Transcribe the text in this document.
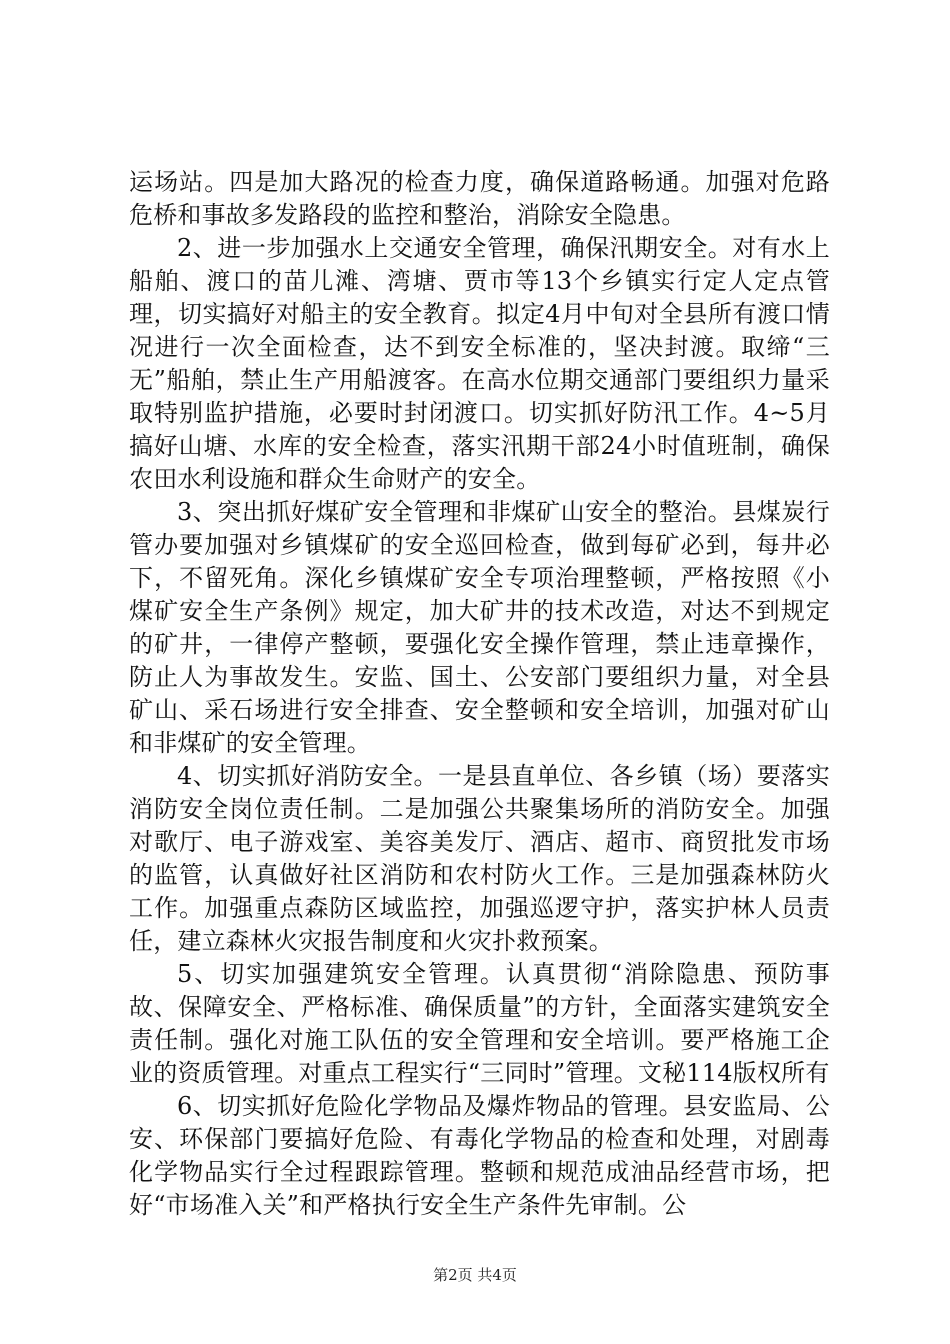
运场站。四是加大路况的检查力度，确保道路畅通。加强对危路危桥和事故多发路段的监控和整治，消除安全隐患。

2、进一步加强水上交通安全管理，确保汛期安全。对有水上船舶、渡口的苗儿滩、湾塘、贾市等13个乡镇实行定人定点管理，切实搞好对船主的安全教育。拟定4月中旬对全县所有渡口情况进行一次全面检查，达不到安全标准的，坚决封渡。取缔“三无”船舶，禁止生产用船渡客。在高水位期交通部门要组织力量采取特别监护措施，必要时封闭渡口。切实抓好防汛工作。4~5月搞好山塘、水库的安全检查，落实汛期干部24小时值班制，确保农田水利设施和群众生命财产的安全。

3、突出抓好煤矿安全管理和非煤矿山安全的整治。县煤炭行管办要加强对乡镇煤矿的安全巡回检查，做到每矿必到，每井必下，不留死角。深化乡镇煤矿安全专项治理整顿，严格按照《小煤矿安全生产条例》规定，加大矿井的技术改造，对达不到规定的矿井，一律停产整顿，要强化安全操作管理，禁止违章操作，防止人为事故发生。安监、国土、公安部门要组织力量，对全县矿山、采石场进行安全排查、安全整顿和安全培训，加强对矿山和非煤矿的安全管理。

4、切实抓好消防安全。一是县直单位、各乡镇（场）要落实消防安全岗位责任制。二是加强公共聚集场所的消防安全。加强对歌厅、电子游戏室、美容美发厅、酒店、超市、商贸批发市场的监管，认真做好社区消防和农村防火工作。三是加强森林防火工作。加强重点森防区域监控，加强巡逻守护，落实护林人员责任，建立森林火灾报告制度和火灾扑救预案。

5、切实加强建筑安全管理。认真贯彻“消除隐患、预防事故、保障安全、严格标准、确保质量”的方针，全面落实建筑安全责任制。强化对施工队伍的安全管理和安全培训。要严格施工企业的资质管理。对重点工程实行“三同时”管理。文秘114版权所有

6、切实抓好危险化学物品及爆炸物品的管理。县安监局、公安、环保部门要搞好危险、有毒化学物品的检查和处理，对剧毒化学物品实行全过程跟踪管理。整顿和规范成油品经营市场，把好“市场准入关”和严格执行安全生产条件先审制。公

第2页 共4页
